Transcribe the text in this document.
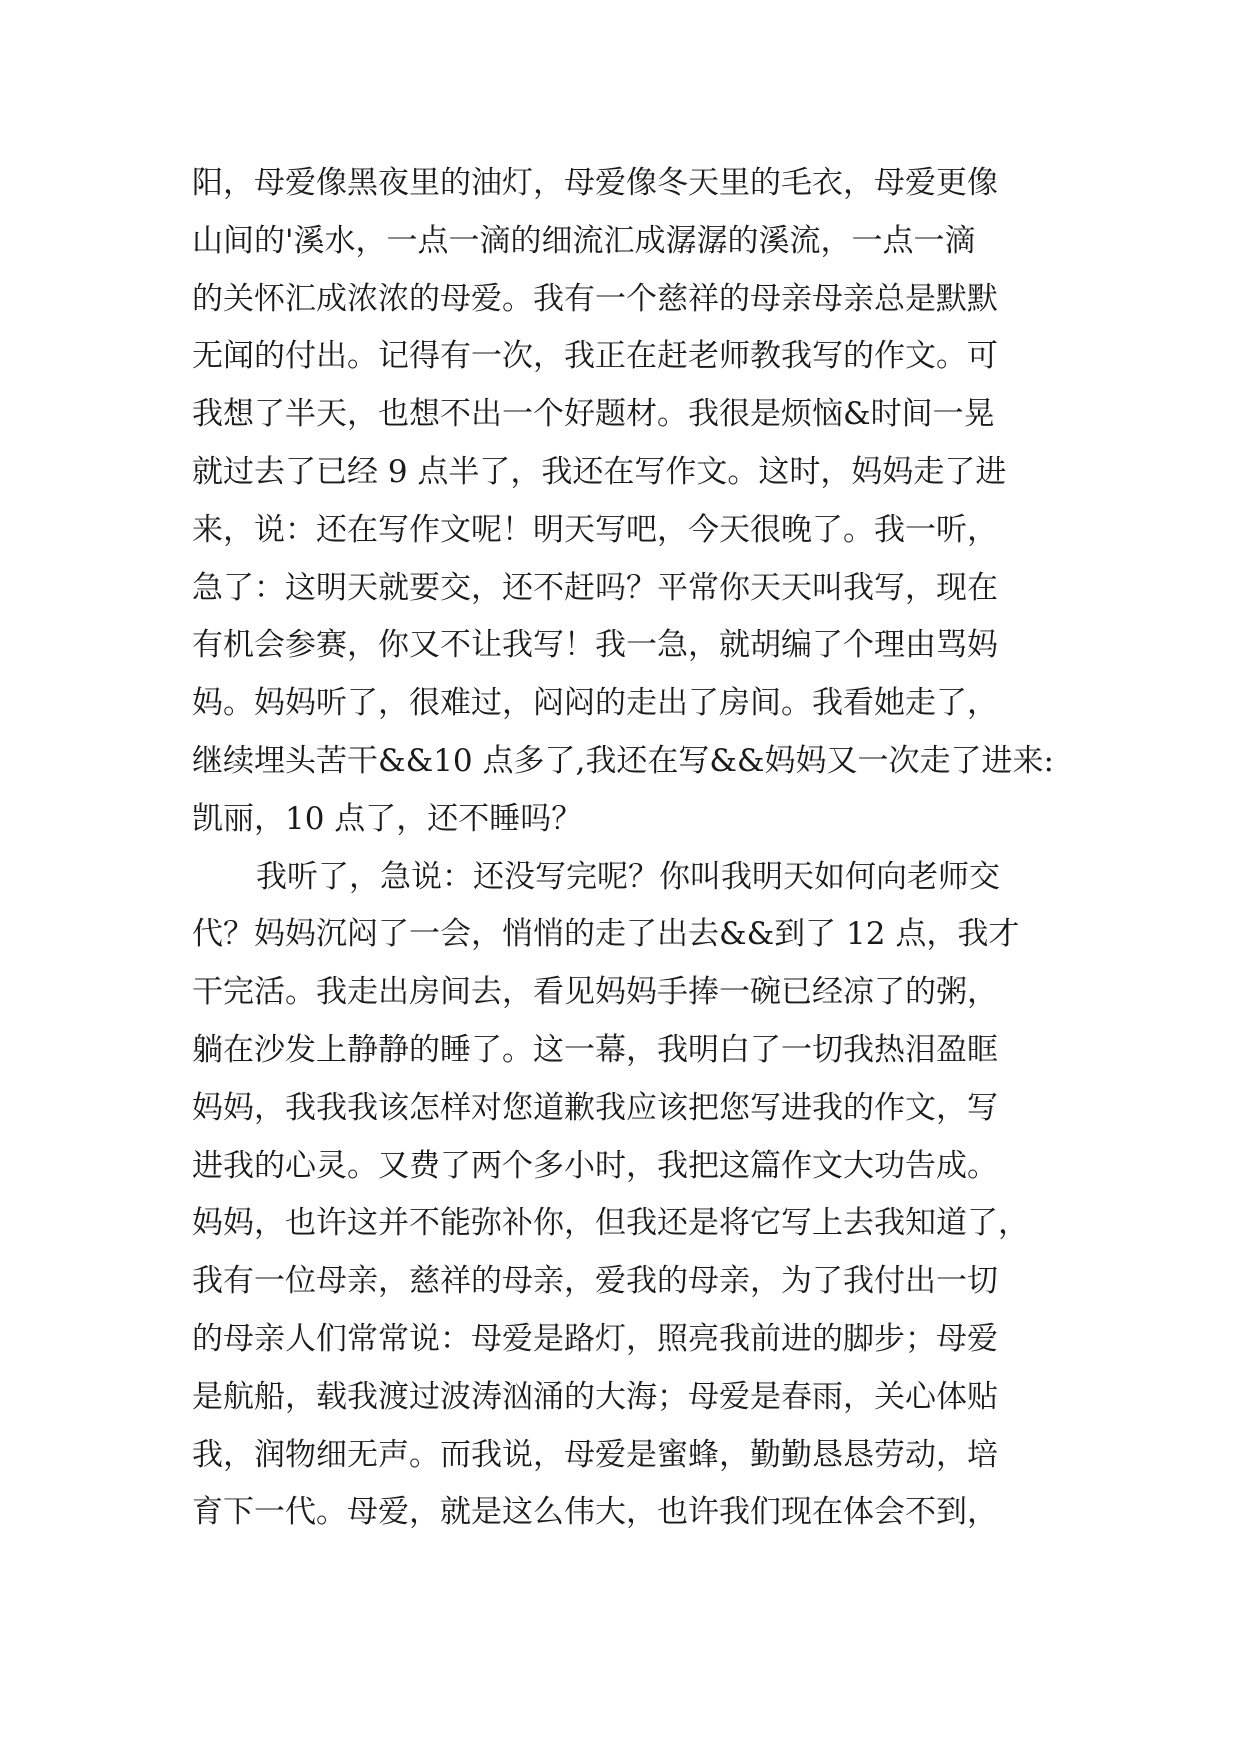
阳，母爱像黑夜里的油灯，母爱像冬天里的毛衣，母爱更像
山间的'溪水，一点一滴的细流汇成潺潺的溪流，一点一滴
的关怀汇成浓浓的母爱。我有一个慈祥的母亲母亲总是默默
无闻的付出。记得有一次，我正在赶老师教我写的作文。可
我想了半天，也想不出一个好题材。我很是烦恼&时间一晃
就过去了已经 9 点半了，我还在写作文。这时，妈妈走了进
来，说：还在写作文呢！明天写吧，今天很晚了。我一听，
急了：这明天就要交，还不赶吗？平常你天天叫我写，现在
有机会参赛，你又不让我写！我一急，就胡编了个理由骂妈
妈。妈妈听了，很难过，闷闷的走出了房间。我看她走了，
继续埋头苦干&&10 点多了,我还在写&&妈妈又一次走了进来:
凯丽，10 点了，还不睡吗？
我听了，急说：还没写完呢？你叫我明天如何向老师交
代？妈妈沉闷了一会，悄悄的走了出去&&到了 12 点，我才
干完活。我走出房间去，看见妈妈手捧一碗已经凉了的粥，
躺在沙发上静静的睡了。这一幕，我明白了一切我热泪盈眶
妈妈，我我我该怎样对您道歉我应该把您写进我的作文，写
进我的心灵。又费了两个多小时，我把这篇作文大功告成。
妈妈，也许这并不能弥补你，但我还是将它写上去我知道了，
我有一位母亲，慈祥的母亲，爱我的母亲，为了我付出一切
的母亲人们常常说：母爱是路灯，照亮我前进的脚步；母爱
是航船，载我渡过波涛汹涌的大海；母爱是春雨，关心体贴
我，润物细无声。而我说，母爱是蜜蜂，勤勤恳恳劳动，培
育下一代。母爱，就是这么伟大，也许我们现在体会不到，
